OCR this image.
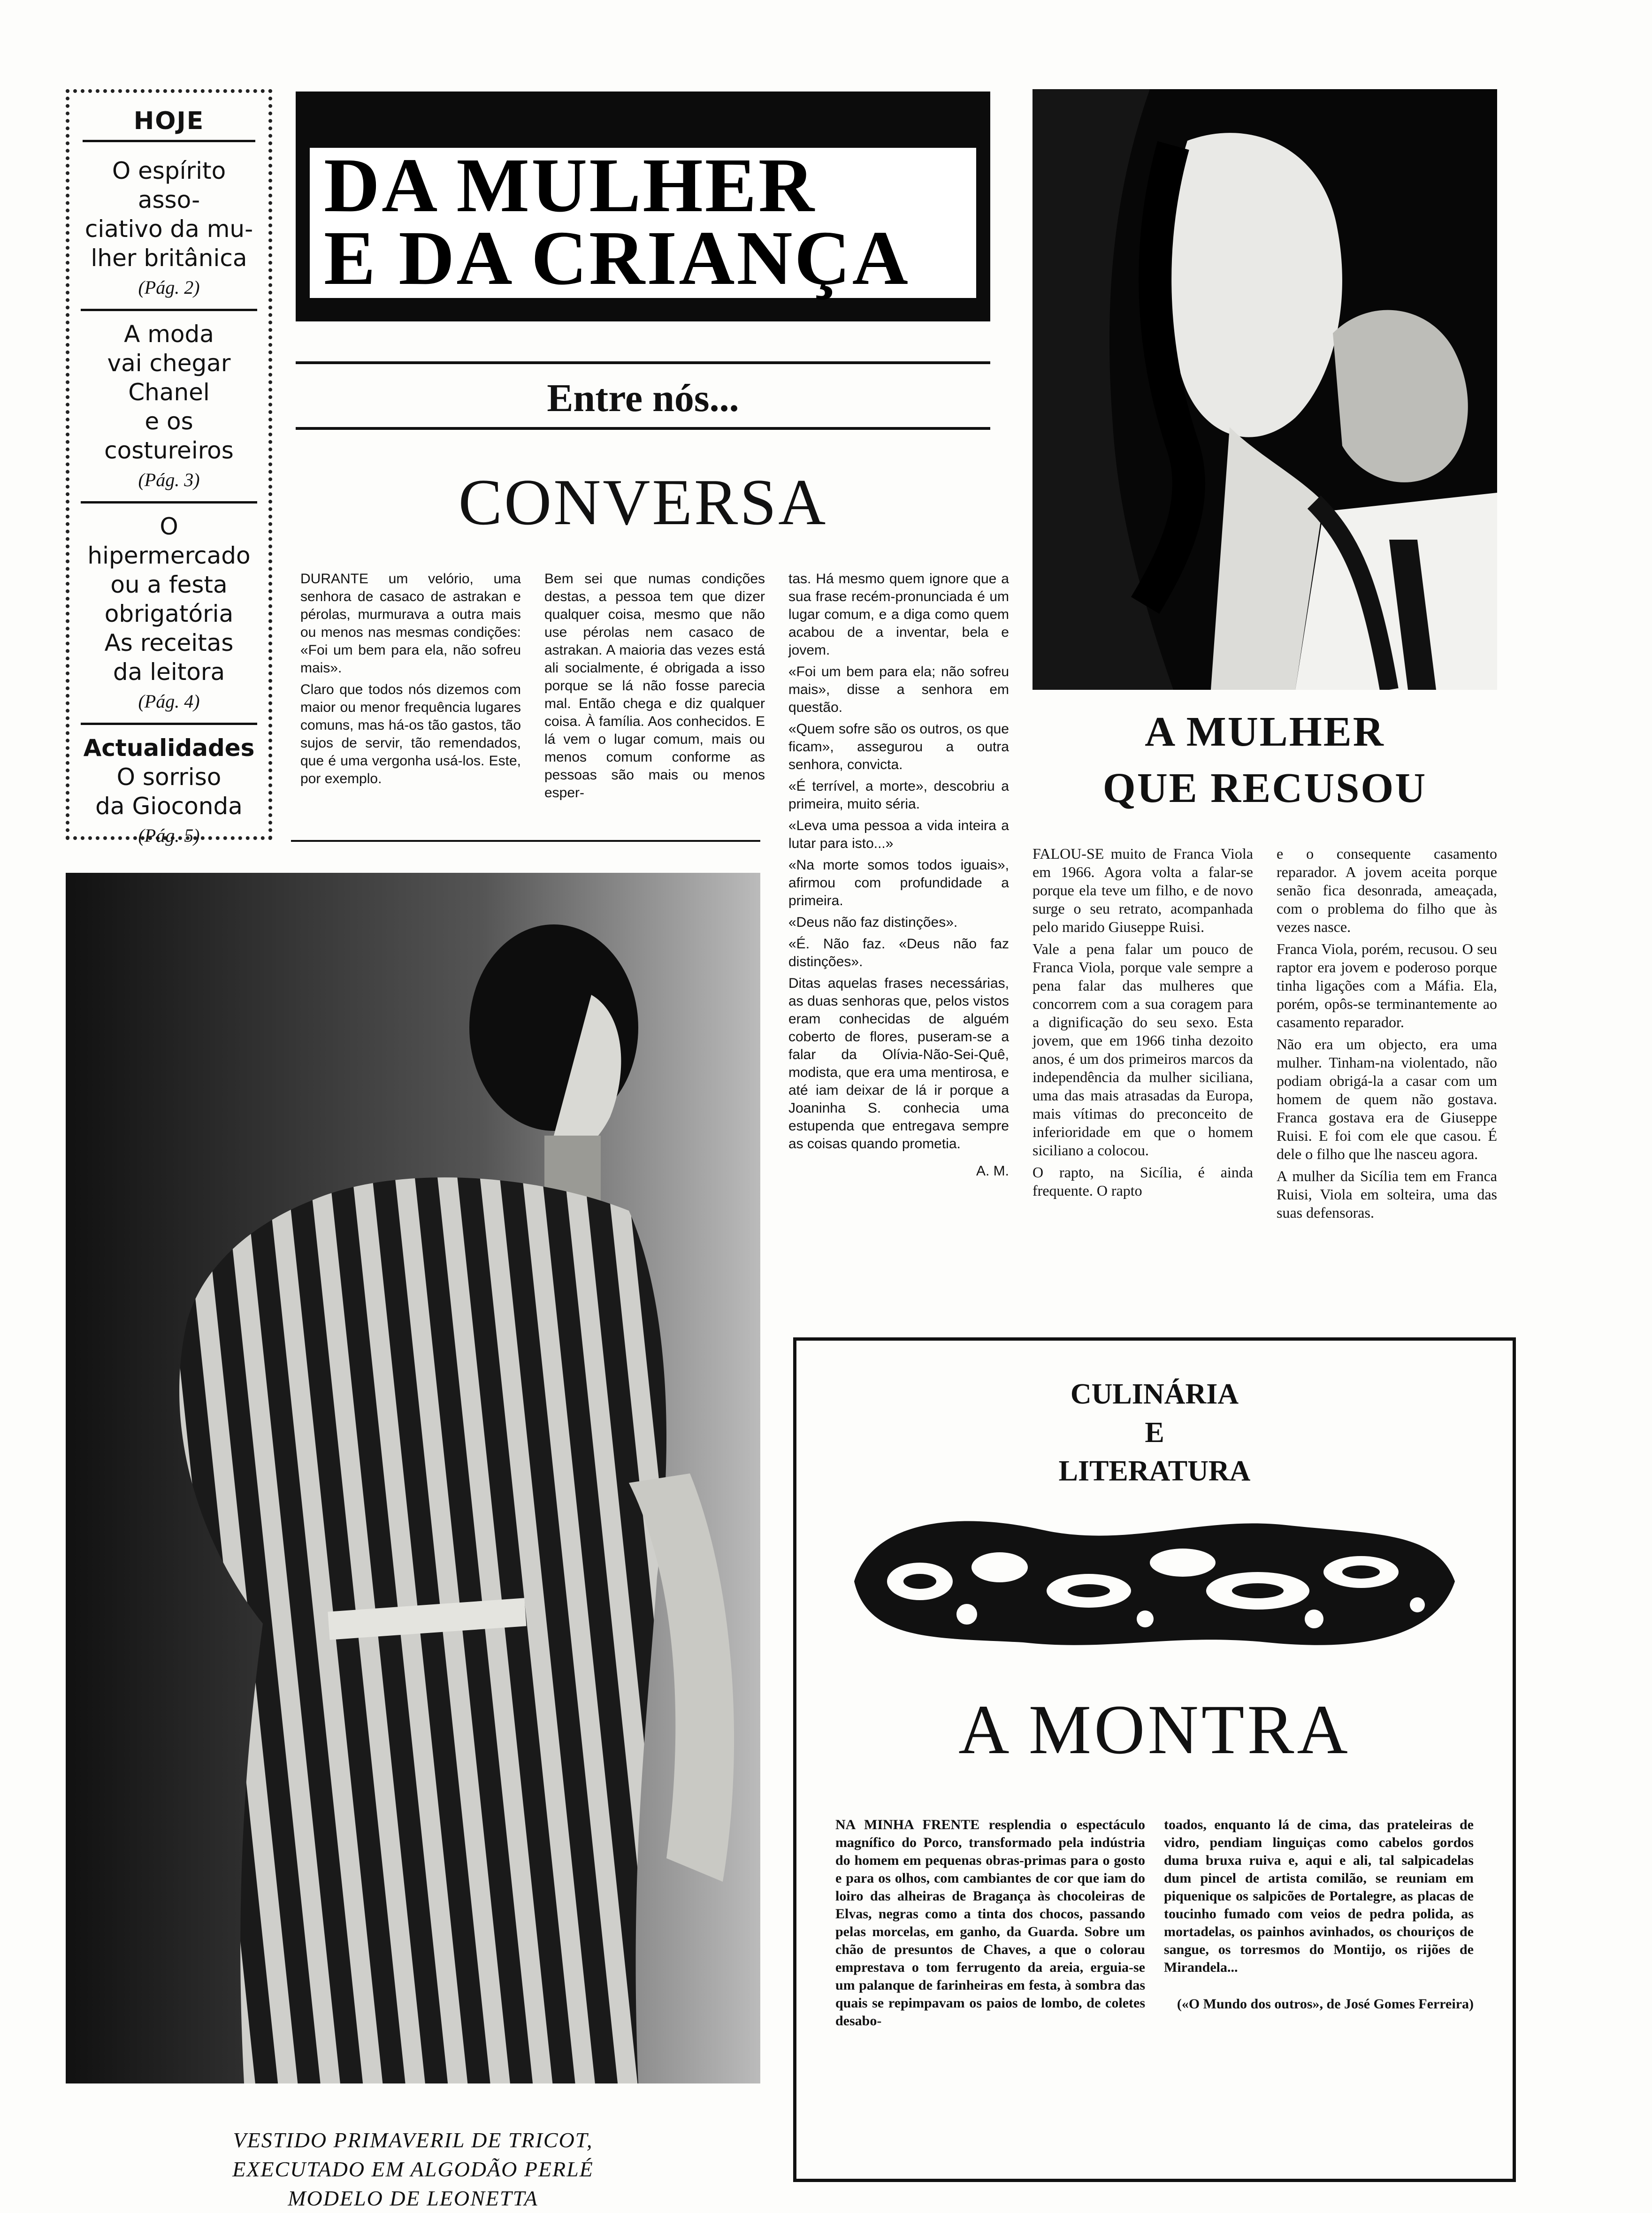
HOJE
O espírito asso-
ciativo da mu-
lher britânica
(Pág. 2)
A moda
vai chegar
Chanel
e os costureiros
(Pág. 3)
O hipermercado
ou a festa
obrigatória
As receitas
da leitora
(Pág. 4)
Actualidades
O sorriso
da Gioconda
(Pág. 5)
DA MULHER
E DA CRIANÇA
Entre nós...
CONVERSA

DURANTE um velório, uma senhora de casaco de astrakan e pérolas, murmurava a outra mais ou menos nas mesmas condições: «Foi um bem para ela, não sofreu mais».

Claro que todos nós dizemos com maior ou menor frequência lugares comuns, mas há-os tão gastos, tão sujos de servir, tão remendados, que é uma vergonha usá-los. Este, por exemplo.

Bem sei que numas condições destas, a pessoa tem que dizer qualquer coisa, mesmo que não use pérolas nem casaco de astrakan. A maioria das vezes está ali socialmente, é obrigada a isso porque se lá não fosse parecia mal. Então chega e diz qualquer coisa. À família. Aos conhecidos. E lá vem o lugar comum, mais ou menos comum conforme as pessoas são mais ou menos esper-

tas. Há mesmo quem ignore que a sua frase recém-pronunciada é um lugar comum, e a diga como quem acabou de a inventar, bela e jovem.

«Foi um bem para ela; não sofreu mais», disse a senhora em questão.

«Quem sofre são os outros, os que ficam», assegurou a outra senhora, convicta.

«É terrível, a morte», descobriu a primeira, muito séria.

«Leva uma pessoa a vida inteira a lutar para isto...»

«Na morte somos todos iguais», afirmou com profundidade a primeira.

«Deus não faz distinções».

«É. Não faz. «Deus não faz distinções».

Ditas aquelas frases necessárias, as duas senhoras que, pelos vistos eram conhecidas de alguém coberto de flores, puseram-se a falar da Olívia-Não-Sei-Quê, modista, que era uma mentirosa, e até iam deixar de lá ir porque a Joaninha S. conhecia uma estupenda que entregava sempre as coisas quando prometia.

A. M.

A MULHER
QUE RECUSOU

FALOU-SE muito de Franca Viola em 1966. Agora volta a falar-se porque ela teve um filho, e de novo surge o seu retrato, acompanhada pelo marido Giuseppe Ruisi.

Vale a pena falar um pouco de Franca Viola, porque vale sempre a pena falar das mulheres que concorrem com a sua coragem para a dignificação do seu sexo. Esta jovem, que em 1966 tinha dezoito anos, é um dos primeiros marcos da independência da mulher siciliana, uma das mais atrasadas da Europa, mais vítimas do preconceito de inferioridade em que o homem siciliano a colocou.

O rapto, na Sicília, é ainda frequente. O rapto

e o consequente casamento reparador. A jovem aceita porque senão fica desonrada, ameaçada, com o problema do filho que às vezes nasce.

Franca Viola, porém, recusou. O seu raptor era jovem e poderoso porque tinha ligações com a Máfia. Ela, porém, opôs-se terminantemente ao casamento reparador.

Não era um objecto, era uma mulher. Tinham-na violentado, não podiam obrigá-la a casar com um homem de quem não gostava. Franca gostava era de Giuseppe Ruisi. E foi com ele que casou. É dele o filho que lhe nasceu agora.

A mulher da Sicília tem em Franca Ruisi, Viola em solteira, uma das suas defensoras.

VESTIDO PRIMAVERIL DE TRICOT,
EXECUTADO EM ALGODÃO PERLÉ
MODELO DE LEONETTA
CULINÁRIA
E
LITERATURA
A MONTRA
NA MINHA FRENTE resplendia o espectáculo magnífico do Porco, transformado pela indústria do homem em pequenas obras-primas para o gosto e para os olhos, com cambiantes de cor que iam do loiro das alheiras de Bragança às chocoleiras de Elvas, negras como a tinta dos chocos, passando pelas morcelas, em ganho, da Guarda. Sobre um chão de presuntos de Chaves, a que o colorau emprestava o tom ferrugento da areia, erguia-se um palanque de farinheiras em festa, à sombra das quais se repimpavam os paios de lombo, de coletes desabo-
toados, enquanto lá de cima, das prateleiras de vidro, pendiam linguiças como cabelos gordos duma bruxa ruiva e, aqui e ali, tal salpicadelas dum pincel de artista comilão, se reuniam em piquenique os salpicões de Portalegre, as placas de toucinho fumado com veios de pedra polida, as mortadelas, os painhos avinhados, os chouriços de sangue, os torresmos do Montijo, os rijões de Mirandela...
(«O Mundo dos outros», de José Gomes Ferreira)
